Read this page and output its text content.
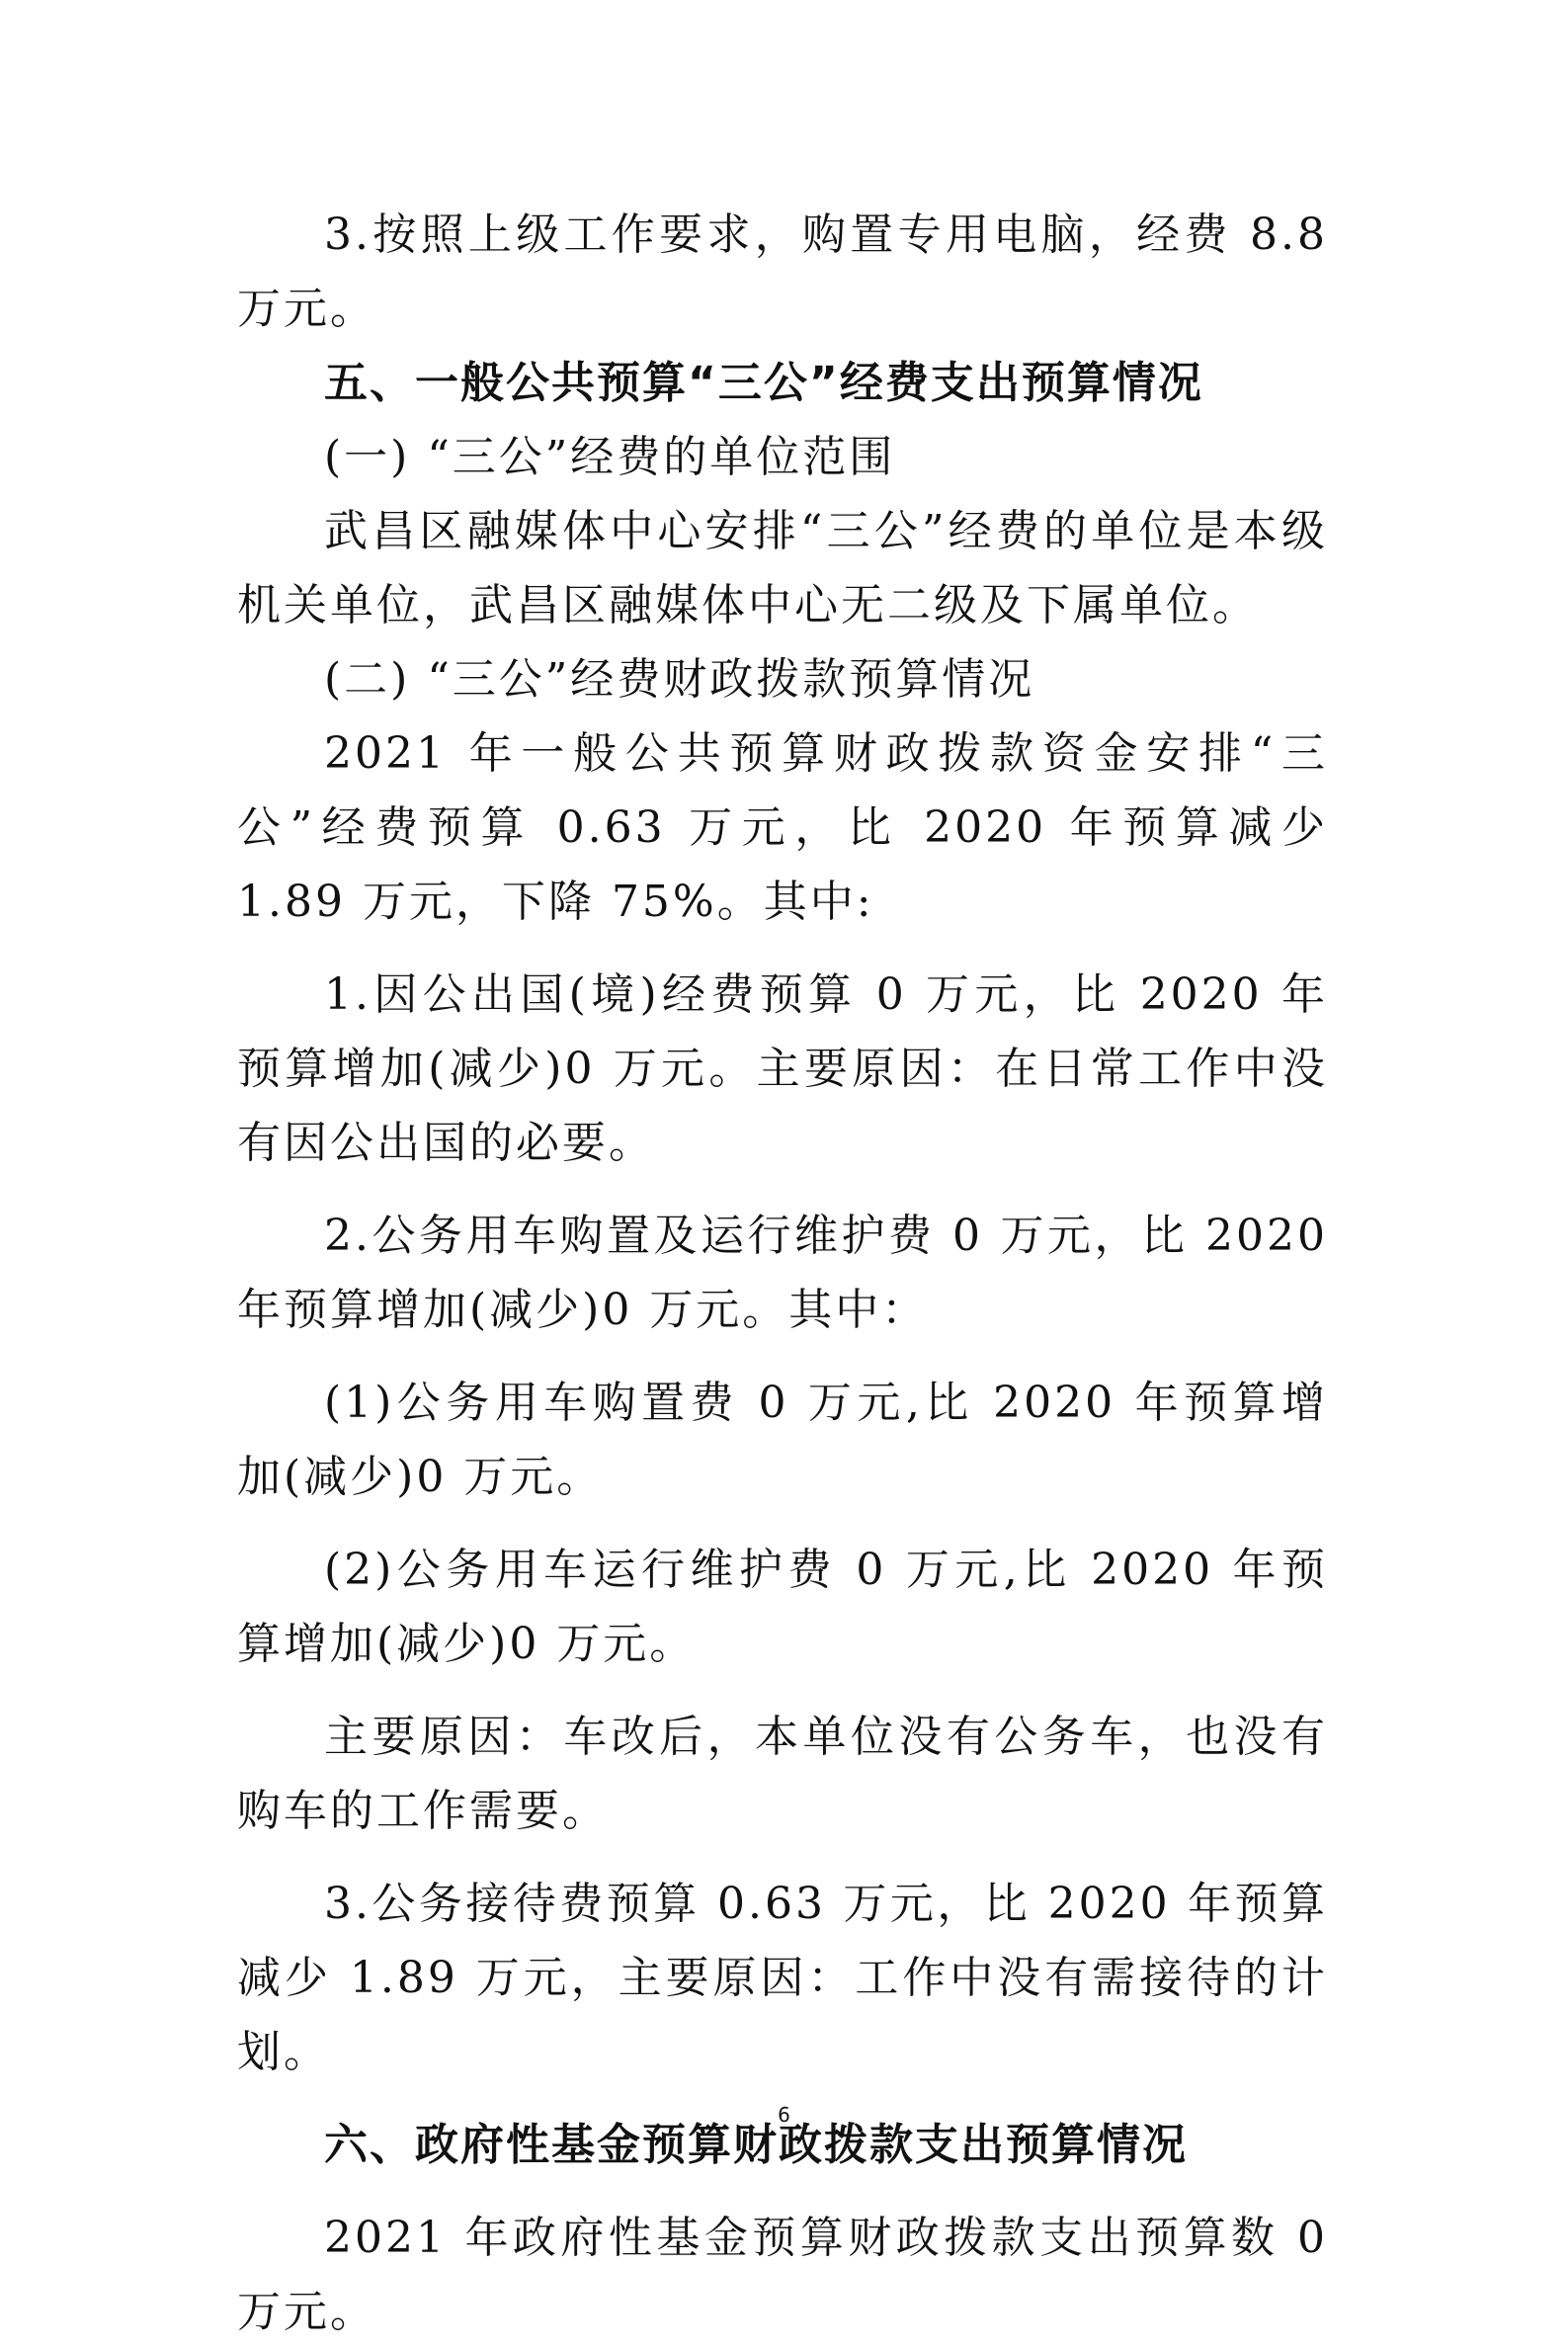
3.按照上级工作要求，购置专用电脑，经费 8.8 万元。

五、一般公共预算“三公”经费支出预算情况

(一) “三公”经费的单位范围

武昌区融媒体中心安排“三公”经费的单位是本级机关单位，武昌区融媒体中心无二级及下属单位。

(二) “三公”经费财政拨款预算情况

2021 年一般公共预算财政拨款资金安排“三公”经费预算 0.63 万元，比 2020 年预算减少 1.89 万元，下降 75%。其中:

1.因公出国(境)经费预算 0 万元，比 2020 年预算增加(减少)0 万元。主要原因：在日常工作中没有因公出国的必要。

2.公务用车购置及运行维护费 0 万元，比 2020 年预算增加(减少)0 万元。其中：

(1)公务用车购置费 0 万元,比 2020 年预算增加(减少)0 万元。

(2)公务用车运行维护费 0 万元,比 2020 年预算增加(减少)0 万元。

主要原因：车改后，本单位没有公务车，也没有购车的工作需要。

3.公务接待费预算 0.63 万元，比 2020 年预算减少 1.89 万元，主要原因：工作中没有需接待的计划。

六、政府性基金预算财政拨款支出预算情况

2021 年政府性基金预算财政拨款支出预算数 0 万元。

6
